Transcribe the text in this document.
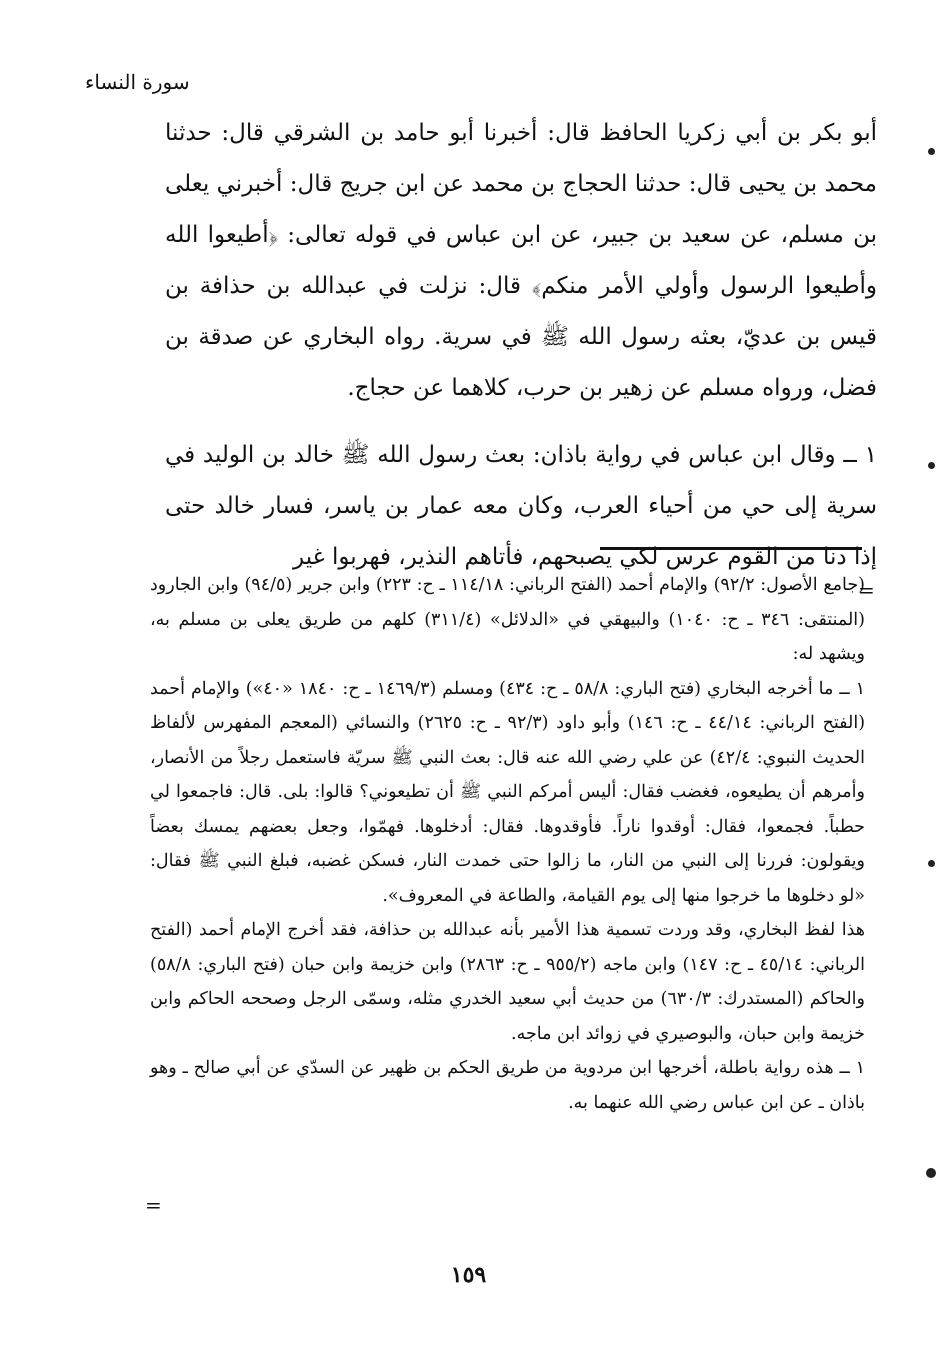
سورة النساء

أبو بكر بن أبي زكريا الحافظ قال: أخبرنا أبو حامد بن الشرقي قال: حدثنا محمد بن يحيى قال: حدثنا الحجاج بن محمد عن ابن جريج قال: أخبرني يعلى بن مسلم، عن سعيد بن جبير، عن ابن عباس في قوله تعالى: ﴿أطيعوا الله وأطيعوا الرسول وأولي الأمر منكم﴾ قال: نزلت في عبدالله بن حذافة بن قيس بن عديّ، بعثه رسول الله ﷺ في سرية. رواه البخاري عن صدقة بن فضل، ورواه مسلم عن زهير بن حرب، كلاهما عن حجاج.

١ ــ وقال ابن عباس في رواية باذان: بعث رسول الله ﷺ خالد بن الوليد في سرية إلى حي من أحياء العرب، وكان معه عمار بن ياسر، فسار خالد حتى إذا دنا من القوم عرس لكي يصبحهم، فأتاهم النذير، فهربوا غير

=

(جامع الأصول: ٩٢/٢) والإمام أحمد (الفتح الرباني: ١١٤/١٨ ـ ح: ٢٢٣) وابن جرير (٩٤/٥) وابن الجارود (المنتقى: ٣٤٦ ـ ح: ١٠٤٠) والبيهقي في «الدلائل» (٣١١/٤) كلهم من طريق يعلى بن مسلم به، ويشهد له:

١ ــ ما أخرجه البخاري (فتح الباري: ٥٨/٨ ـ ح: ٤٣٤) ومسلم (١٤٦٩/٣ ـ ح: ١٨٤٠ «٤٠») والإمام أحمد (الفتح الرباني: ٤٤/١٤ ـ ح: ١٤٦) وأبو داود (٩٢/٣ ـ ح: ٢٦٢٥) والنسائي (المعجم المفهرس لألفاظ الحديث النبوي: ٤٢/٤) عن علي رضي الله عنه قال: بعث النبي ﷺ سريّة فاستعمل رجلاً من الأنصار، وأمرهم أن يطيعوه، فغضب فقال: أليس أمركم النبي ﷺ أن تطيعوني؟ قالوا: بلى. قال: فاجمعوا لي حطباً. فجمعوا، فقال: أوقدوا ناراً. فأوقدوها. فقال: أدخلوها. فهمّوا، وجعل بعضهم يمسك بعضاً ويقولون: فررنا إلى النبي من النار، ما زالوا حتى خمدت النار، فسكن غضبه، فبلغ النبي ﷺ فقال: «لو دخلوها ما خرجوا منها إلى يوم القيامة، والطاعة في المعروف».

هذا لفظ البخاري، وقد وردت تسمية هذا الأمير بأنه عبدالله بن حذافة، فقد أخرج الإمام أحمد (الفتح الرباني: ٤٥/١٤ ـ ح: ١٤٧) وابن ماجه (٩٥٥/٢ ـ ح: ٢٨٦٣) وابن خزيمة وابن حبان (فتح الباري: ٥٨/٨) والحاكم (المستدرك: ٦٣٠/٣) من حديث أبي سعيد الخدري مثله، وسمّى الرجل وصححه الحاكم وابن خزيمة وابن حبان، والبوصيري في زوائد ابن ماجه.

١ ــ هذه رواية باطلة، أخرجها ابن مردوية من طريق الحكم بن ظهير عن السدّي عن أبي صالح ـ وهو باذان ـ عن ابن عباس رضي الله عنهما به.

=
١٥٩
